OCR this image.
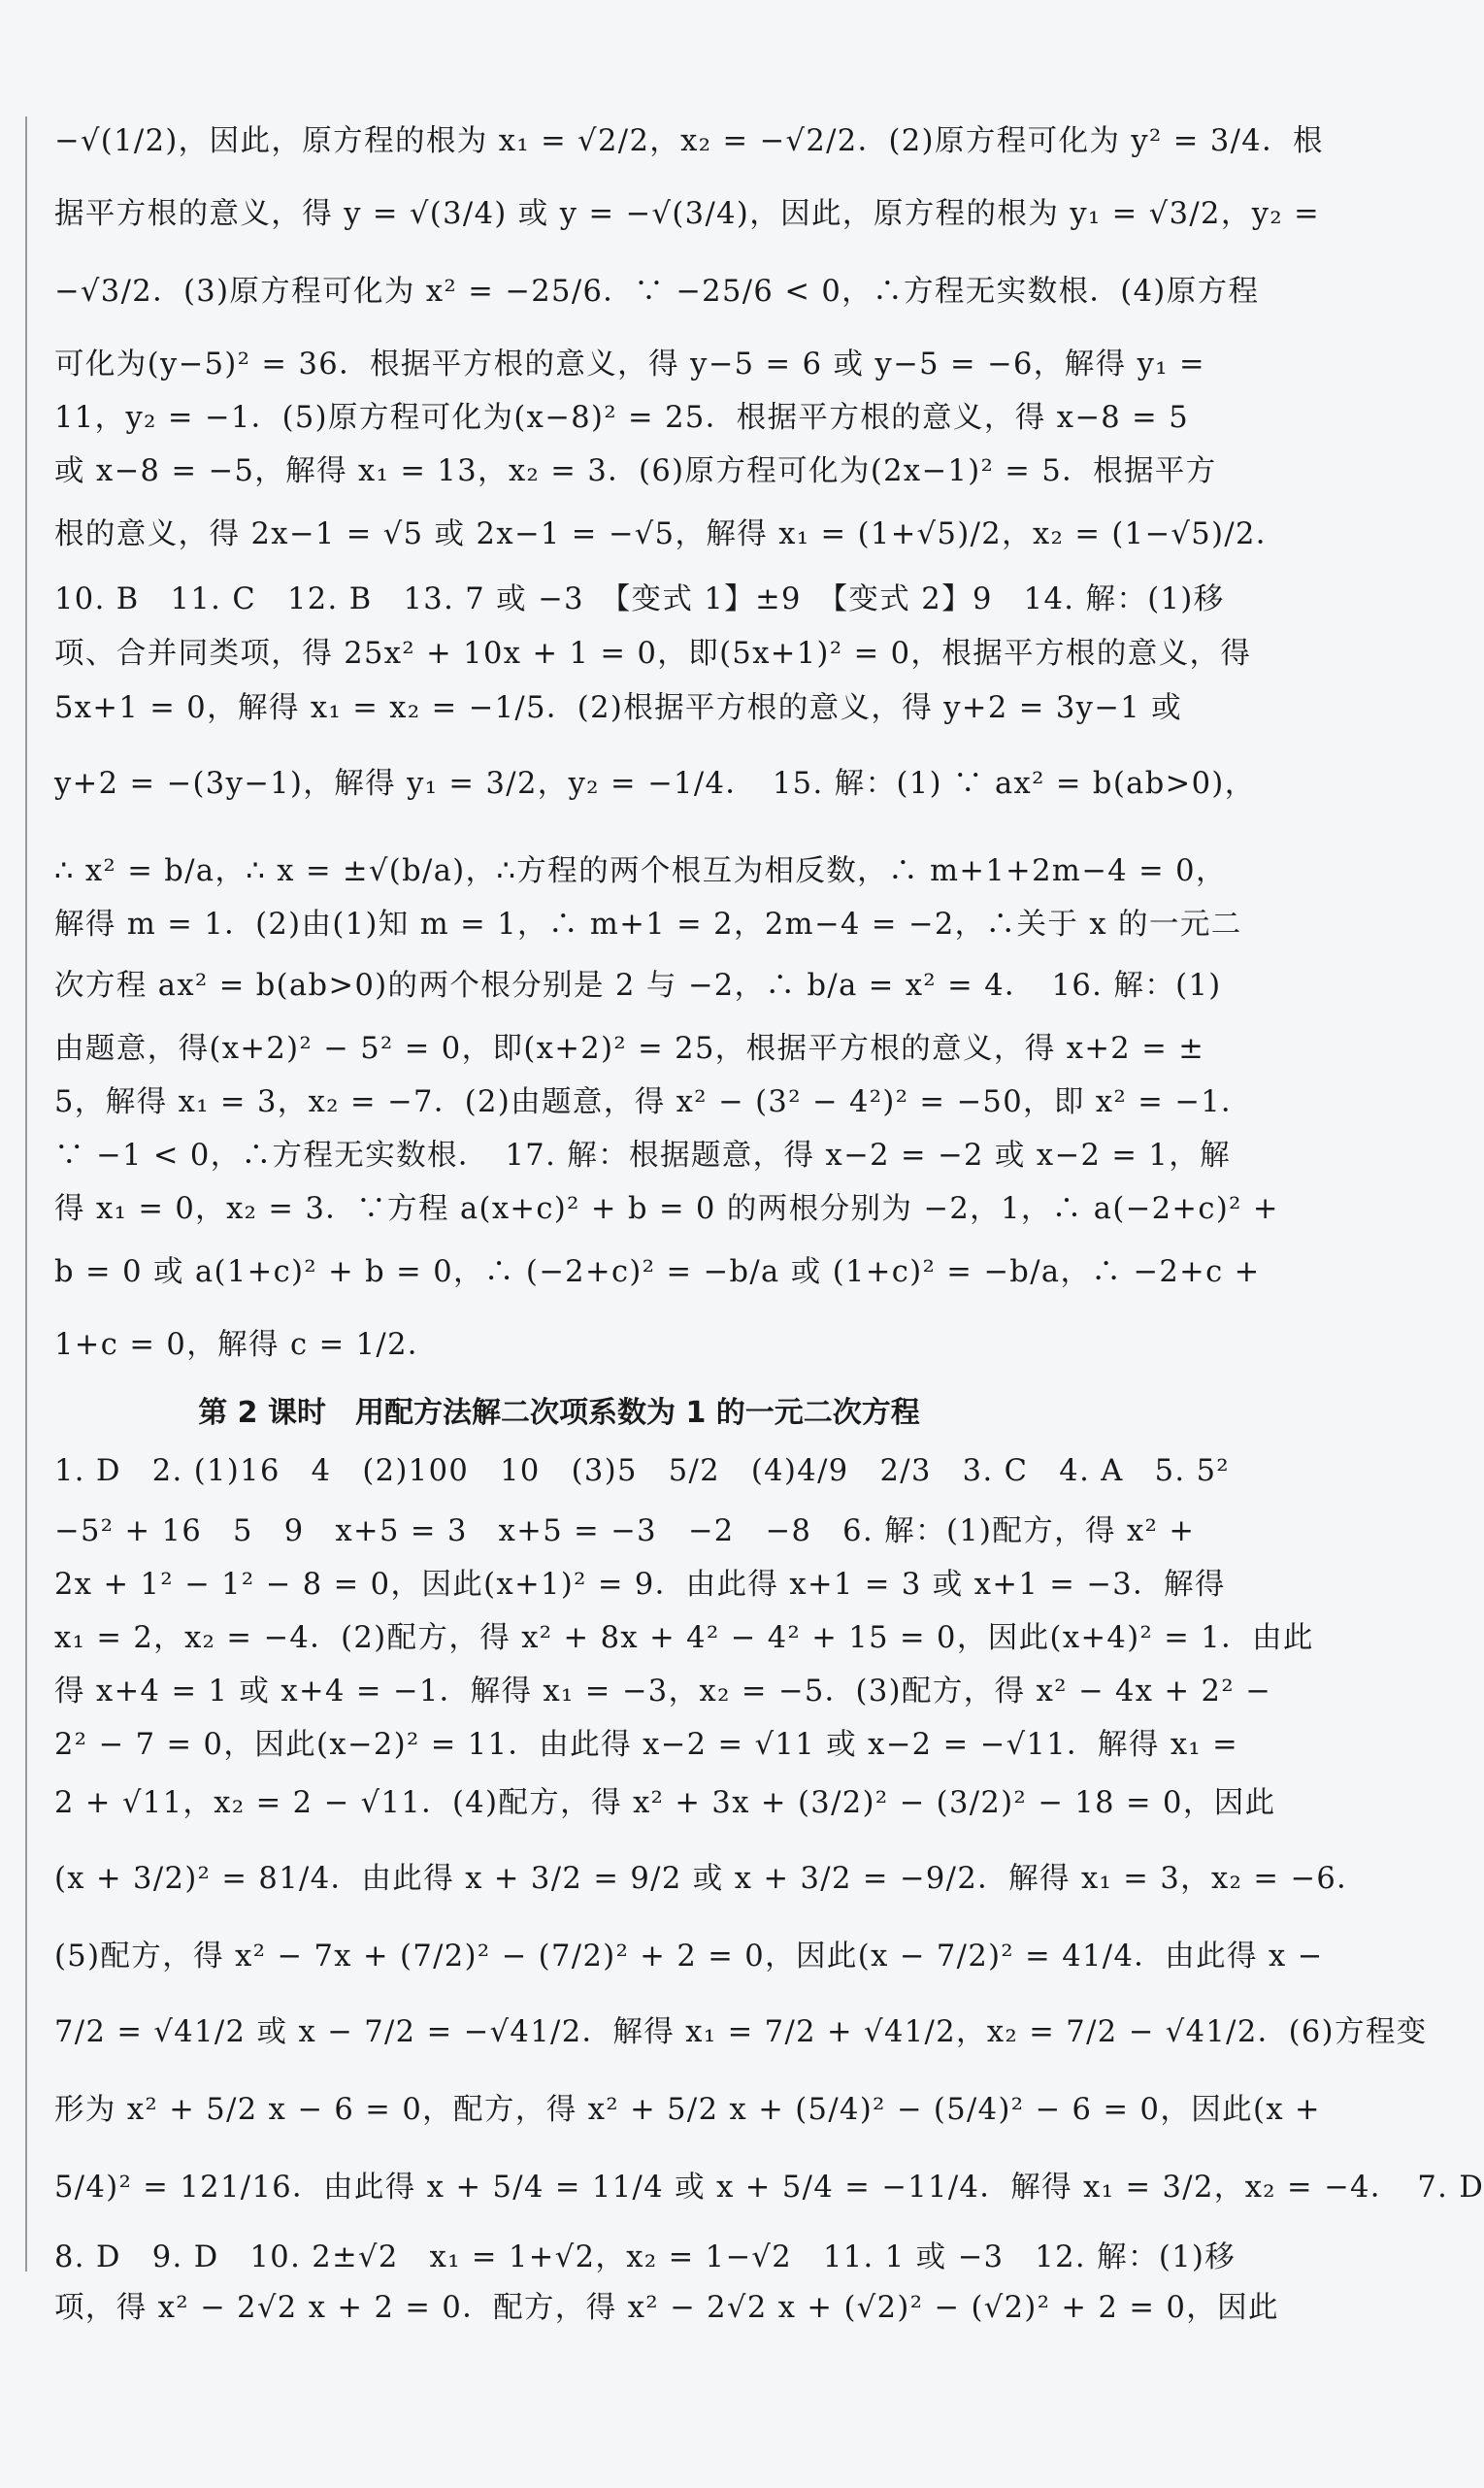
−√(1/2)，因此，原方程的根为 x₁ = √2/2，x₂ = −√2/2．(2)原方程可化为 y² = 3/4．根

据平方根的意义，得 y = √(3/4) 或 y = −√(3/4)，因此，原方程的根为 y₁ = √3/2，y₂ =

−√3/2．(3)原方程可化为 x² = −25/6．∵ −25/6 < 0，∴方程无实数根．(4)原方程

可化为(y−5)² = 36．根据平方根的意义，得 y−5 = 6 或 y−5 = −6，解得 y₁ =

11，y₂ = −1．(5)原方程可化为(x−8)² = 25．根据平方根的意义，得 x−8 = 5

或 x−8 = −5，解得 x₁ = 13，x₂ = 3．(6)原方程可化为(2x−1)² = 5．根据平方

根的意义，得 2x−1 = √5 或 2x−1 = −√5，解得 x₁ = (1+√5)/2，x₂ = (1−√5)/2．

10. B　11. C　12. B　13. 7 或 −3　【变式 1】±9　【变式 2】9　14. 解：(1)移

项、合并同类项，得 25x² + 10x + 1 = 0，即(5x+1)² = 0，根据平方根的意义，得

5x+1 = 0，解得 x₁ = x₂ = −1/5．(2)根据平方根的意义，得 y+2 = 3y−1 或

y+2 = −(3y−1)，解得 y₁ = 3/2，y₂ = −1/4．　15. 解：(1) ∵ ax² = b(ab>0)，

∴ x² = b/a，∴ x = ±√(b/a)，∴方程的两个根互为相反数，∴ m+1+2m−4 = 0，

解得 m = 1．(2)由(1)知 m = 1，∴ m+1 = 2，2m−4 = −2，∴关于 x 的一元二

次方程 ax² = b(ab>0)的两个根分别是 2 与 −2，∴ b/a = x² = 4．　16. 解：(1)

由题意，得(x+2)² − 5² = 0，即(x+2)² = 25，根据平方根的意义，得 x+2 = ±

5，解得 x₁ = 3，x₂ = −7．(2)由题意，得 x² − (3² − 4²)² = −50，即 x² = −1．

∵ −1 < 0，∴方程无实数根．　17. 解：根据题意，得 x−2 = −2 或 x−2 = 1，解

得 x₁ = 0，x₂ = 3．∵方程 a(x+c)² + b = 0 的两根分别为 −2，1，∴ a(−2+c)² +

b = 0 或 a(1+c)² + b = 0，∴ (−2+c)² = −b/a 或 (1+c)² = −b/a，∴ −2+c +

1+c = 0，解得 c = 1/2．

第 2 课时　用配方法解二次项系数为 1 的一元二次方程

1. D　2. (1)16　4　(2)100　10　(3)5　5/2　(4)4/9　2/3　3. C　4. A　5. 5²

−5² + 16　5　9　x+5 = 3　x+5 = −3　−2　−8　6. 解：(1)配方，得 x² +

2x + 1² − 1² − 8 = 0，因此(x+1)² = 9．由此得 x+1 = 3 或 x+1 = −3．解得

x₁ = 2，x₂ = −4．(2)配方，得 x² + 8x + 4² − 4² + 15 = 0，因此(x+4)² = 1．由此

得 x+4 = 1 或 x+4 = −1．解得 x₁ = −3，x₂ = −5．(3)配方，得 x² − 4x + 2² −

2² − 7 = 0，因此(x−2)² = 11．由此得 x−2 = √11 或 x−2 = −√11．解得 x₁ =

2 + √11，x₂ = 2 − √11．(4)配方，得 x² + 3x + (3/2)² − (3/2)² − 18 = 0，因此

(x + 3/2)² = 81/4．由此得 x + 3/2 = 9/2 或 x + 3/2 = −9/2．解得 x₁ = 3，x₂ = −6．

(5)配方，得 x² − 7x + (7/2)² − (7/2)² + 2 = 0，因此(x − 7/2)² = 41/4．由此得 x −

7/2 = √41/2 或 x − 7/2 = −√41/2．解得 x₁ = 7/2 + √41/2，x₂ = 7/2 − √41/2．(6)方程变

形为 x² + 5/2 x − 6 = 0，配方，得 x² + 5/2 x + (5/4)² − (5/4)² − 6 = 0，因此(x +

5/4)² = 121/16．由此得 x + 5/4 = 11/4 或 x + 5/4 = −11/4．解得 x₁ = 3/2，x₂ = −4．　7. D

8. D　9. D　10. 2±√2　x₁ = 1+√2，x₂ = 1−√2　11. 1 或 −3　12. 解：(1)移

项，得 x² − 2√2 x + 2 = 0．配方，得 x² − 2√2 x + (√2)² − (√2)² + 2 = 0，因此
